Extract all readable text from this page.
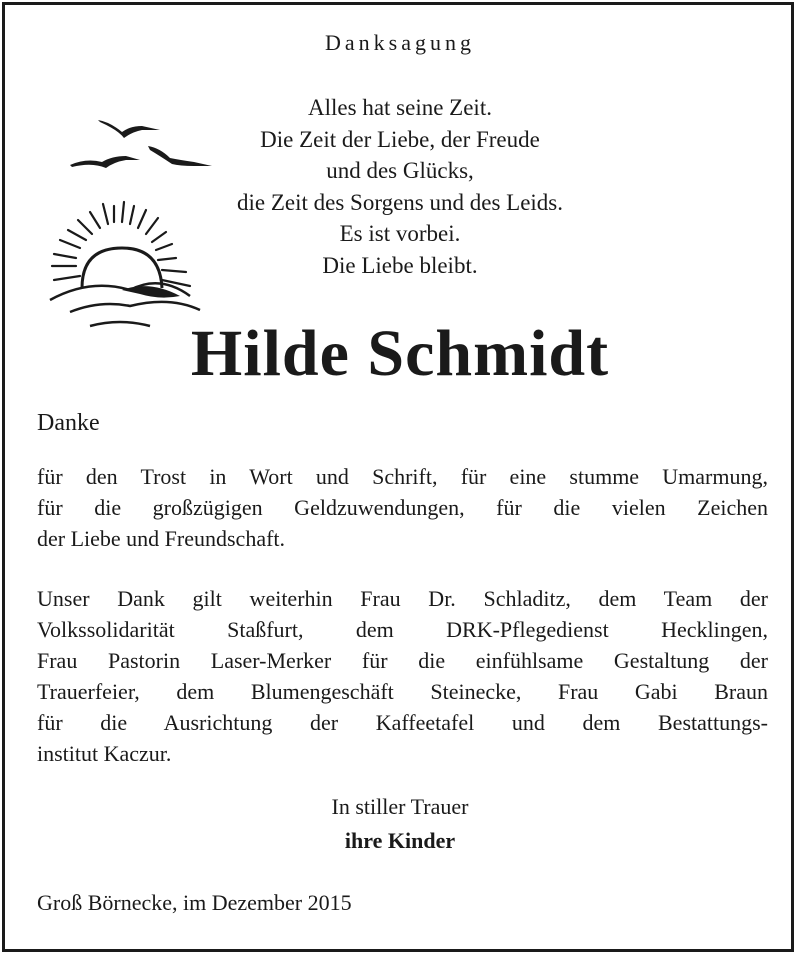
Danksagung
Alles hat seine Zeit.
Die Zeit der Liebe, der Freude
und des Glücks,
die Zeit des Sorgens und des Leids.
Es ist vorbei.
Die Liebe bleibt.
Hilde Schmidt
Danke
für den Trost in Wort und Schrift, für eine stumme Umarmung,
für die großzügigen Geldzuwendungen, für die vielen Zeichen
der Liebe und Freundschaft.
Unser Dank gilt weiterhin Frau Dr. Schladitz, dem Team der
Volkssolidarität Staßfurt, dem DRK-Pflegedienst Hecklingen,
Frau Pastorin Laser-Merker für die einfühlsame Gestaltung der
Trauerfeier, dem Blumengeschäft Steinecke, Frau Gabi Braun
für die Ausrichtung der Kaffeetafel und dem Bestattungs-
institut Kaczur.
In stiller Trauer
ihre Kinder
Groß Börnecke, im Dezember 2015
